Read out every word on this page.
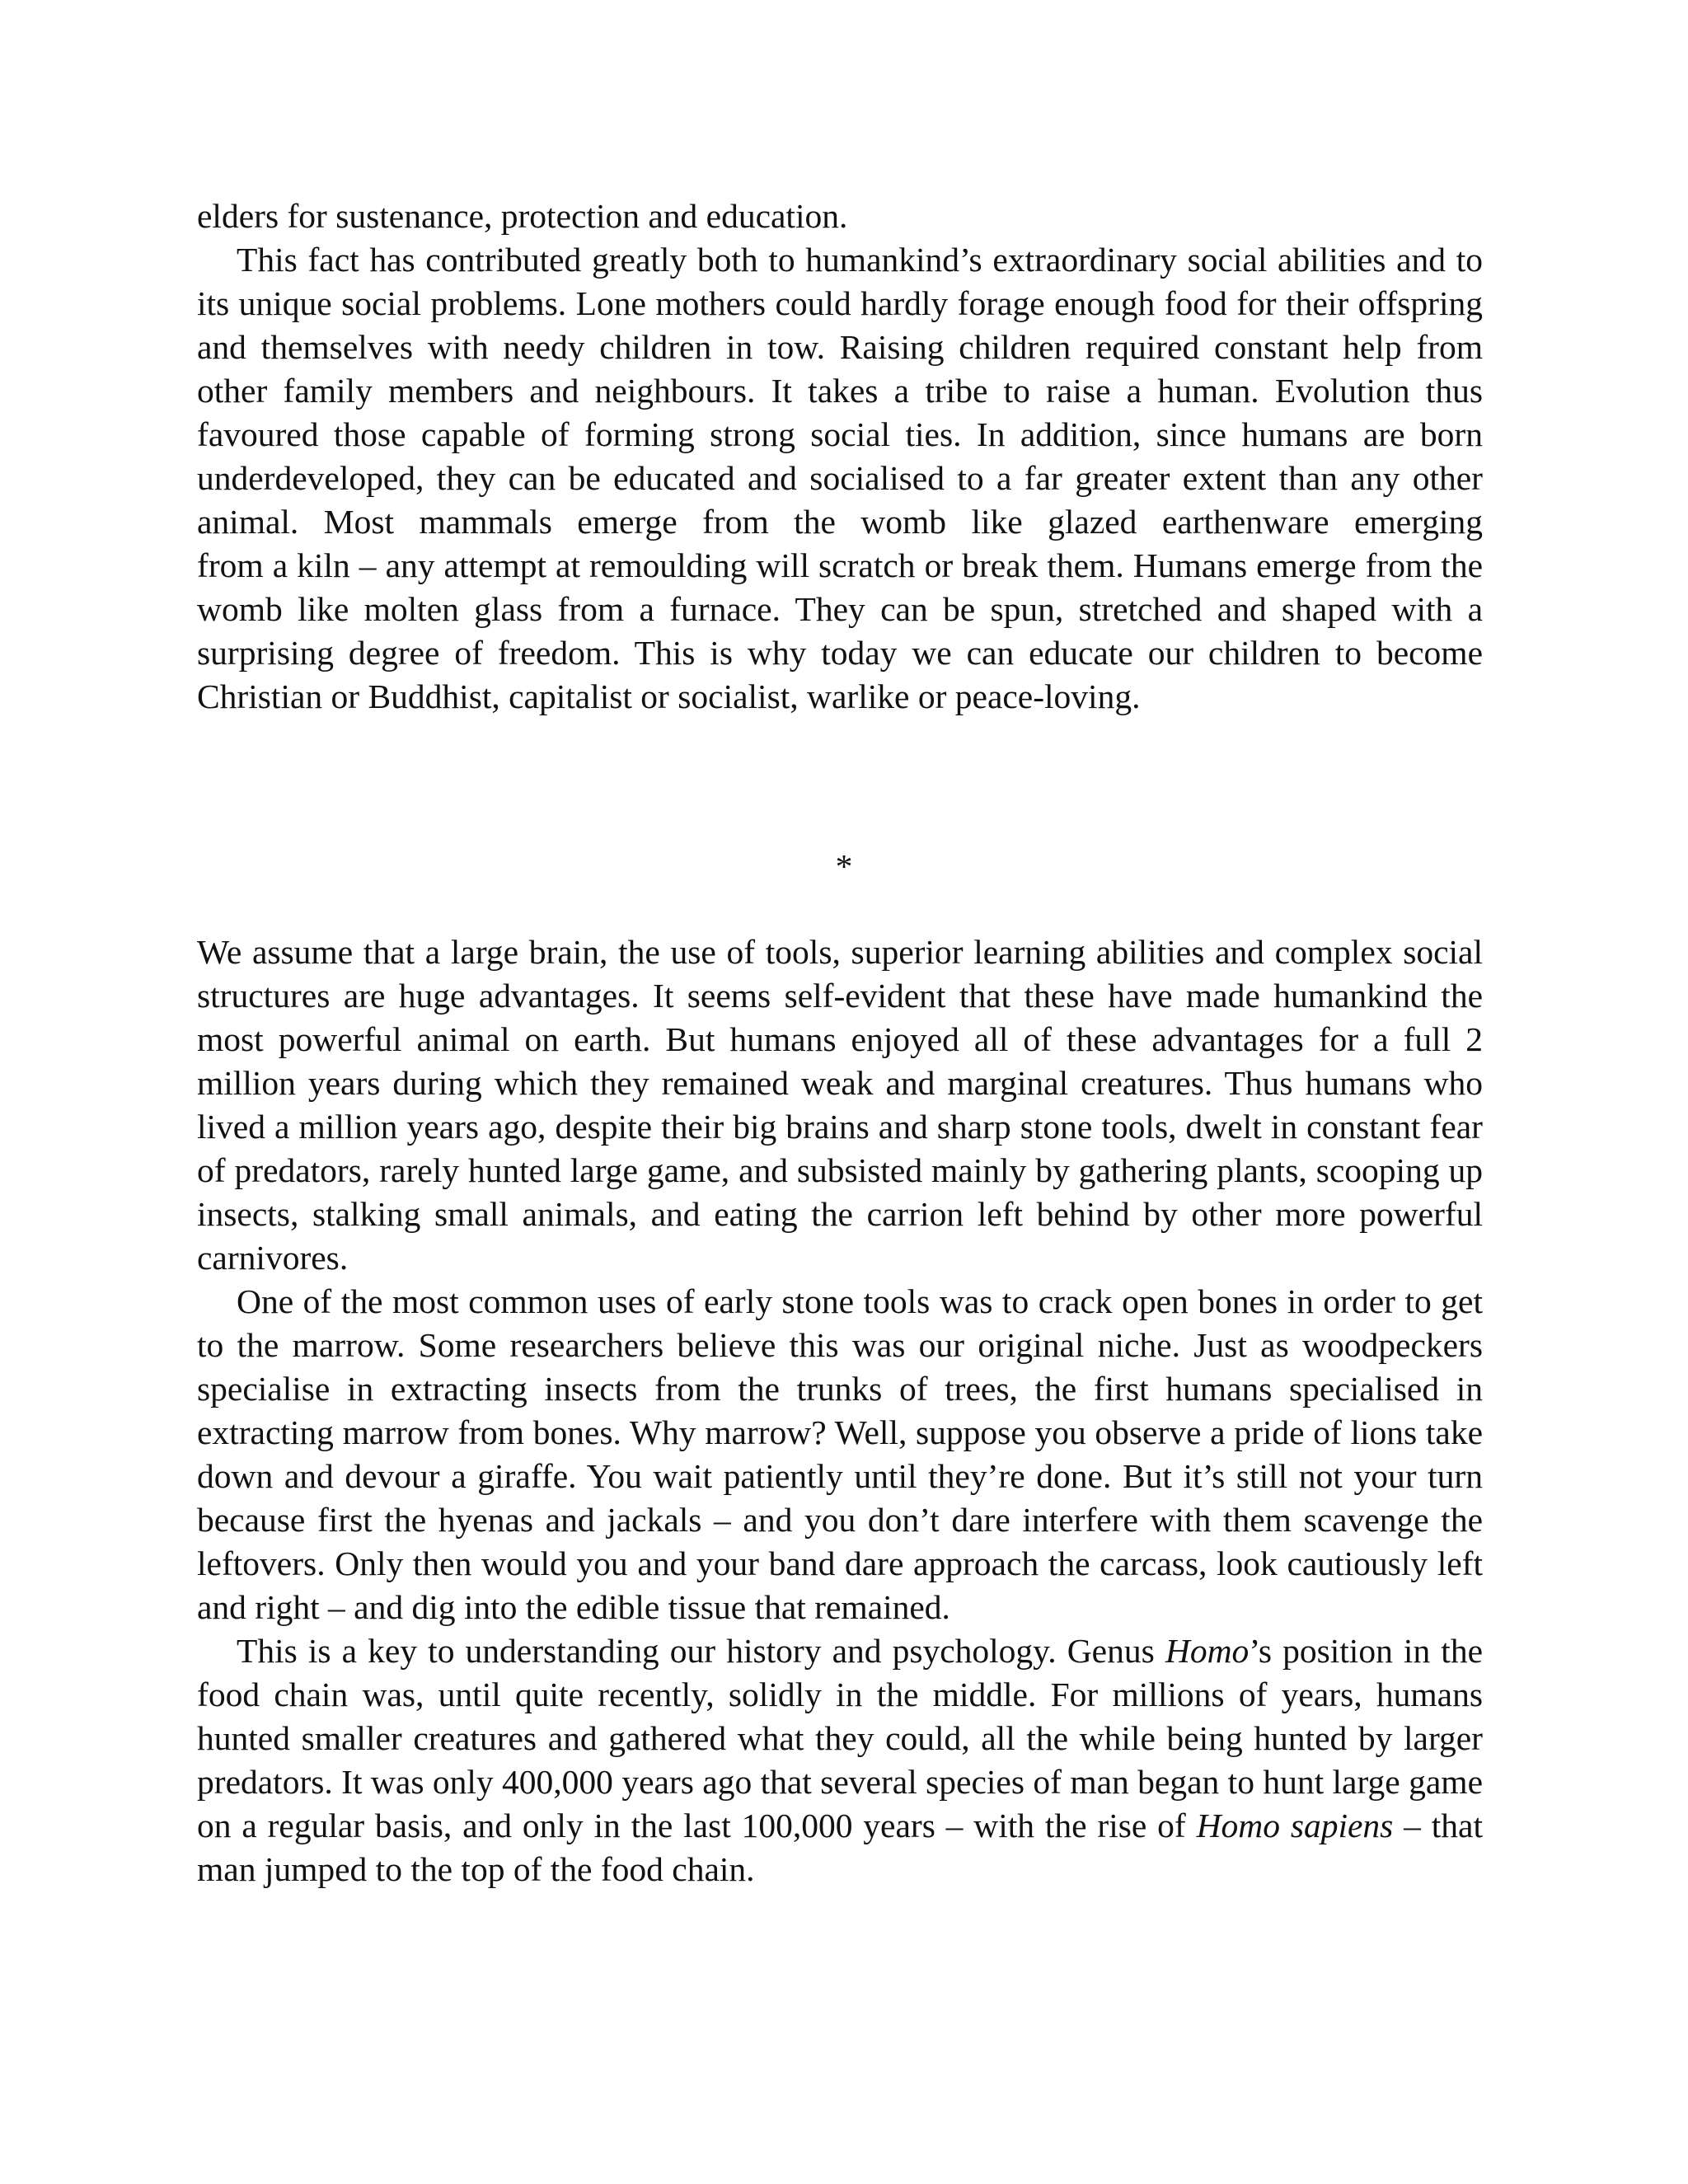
elders for sustenance, protection and education.

This fact has contributed greatly both to humankind’s extraordinary social abilities and to its unique social problems. Lone mothers could hardly forage enough food for their offspring and themselves with needy children in tow. Raising children required constant help from other family members and neighbours. It takes a tribe to raise a human. Evolution thus favoured those capable of forming strong social ties. In addition, since humans are born underdeveloped, they can be educated and socialised to a far greater extent than any other animal. Most mammals emerge from the womb like glazed earthenware emerging

from a kiln – any attempt at remoulding will scratch or break them. Humans emerge from the womb like molten glass from a furnace. They can be spun, stretched and shaped with a surprising degree of freedom. This is why today we can educate our children to become Christian or Buddhist, capitalist or socialist, warlike or peace-loving.

*

We assume that a large brain, the use of tools, superior learning abilities and complex social structures are huge advantages. It seems self-evident that these have made humankind the most powerful animal on earth. But humans enjoyed all of these advantages for a full 2 million years during which they remained weak and marginal creatures. Thus humans who lived a million years ago, despite their big brains and sharp stone tools, dwelt in constant fear of predators, rarely hunted large game, and subsisted mainly by gathering plants, scooping up insects, stalking small animals, and eating the carrion left behind by other more powerful carnivores.

One of the most common uses of early stone tools was to crack open bones in order to get to the marrow. Some researchers believe this was our original niche. Just as woodpeckers specialise in extracting insects from the trunks of trees, the first humans specialised in extracting marrow from bones. Why marrow? Well, suppose you observe a pride of lions take down and devour a giraffe. You wait patiently until they’re done. But it’s still not your turn because first the hyenas and jackals – and you don’t dare interfere with them scavenge the leftovers. Only then would you and your band dare approach the carcass, look cautiously left and right – and dig into the edible tissue that remained.

This is a key to understanding our history and psychology. Genus Homo’s position in the food chain was, until quite recently, solidly in the middle. For millions of years, humans hunted smaller creatures and gathered what they could, all the while being hunted by larger predators. It was only 400,000 years ago that several species of man began to hunt large game on a regular basis, and only in the last 100,000 years – with the rise of Homo sapiens – that man jumped to the top of the food chain.
